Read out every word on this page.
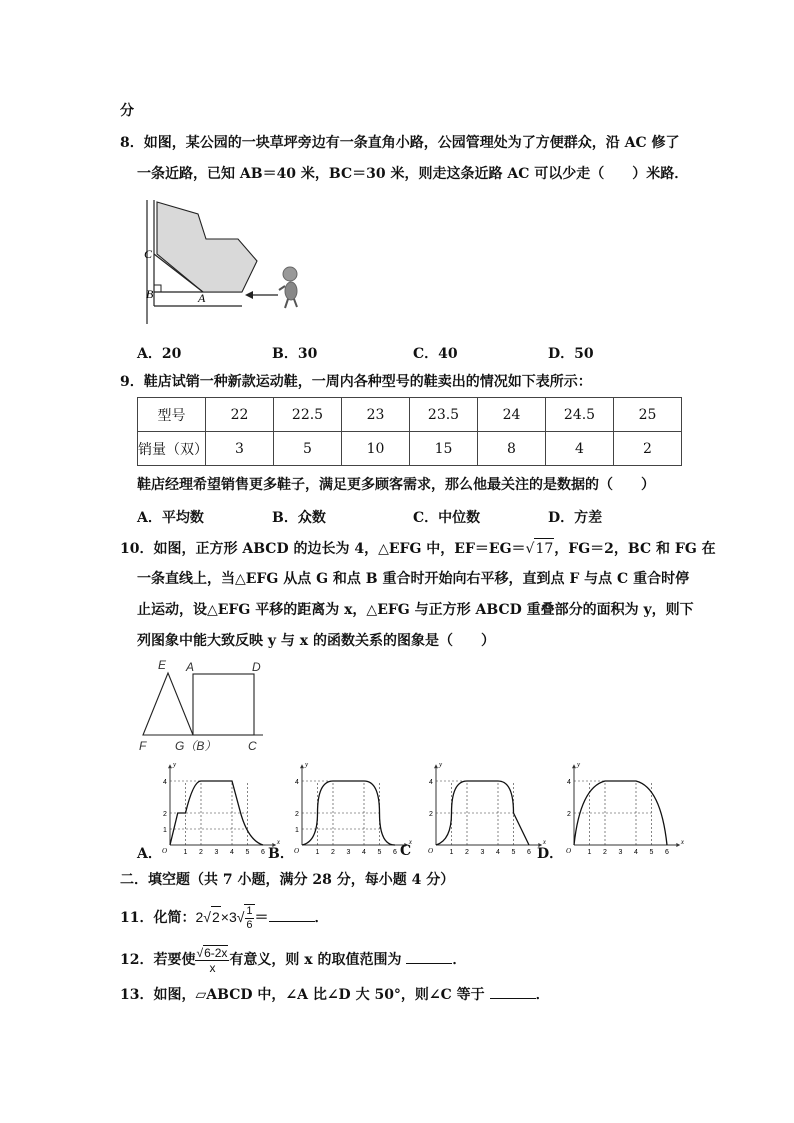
分
8．如图，某公园的一块草坪旁边有一条直角小路，公园管理处为了方便群众，沿 AC 修了
一条近路，已知 AB＝40 米，BC＝30 米，则走这条近路 AC 可以少走（　　）米路．
C
B	A
A．20	B．30	C．40	D．50
9．鞋店试销一种新款运动鞋，一周内各种型号的鞋卖出的情况如下表所示：
型号	22	22.5	23	23.5	24	24.5	25
销量（双）	3	5	10	15	8	4	2
鞋店经理希望销售更多鞋子，满足更多顾客需求，那么他最关注的是数据的（　　）
A．平均数	B．众数	C．中位数	D．方差
10．如图，正方形 ABCD 的边长为 4，△EFG 中，EF＝EG＝√17，FG＝2，BC 和 FG 在
一条直线上，当△EFG 从点 G 和点 B 重合时开始向右平移，直到点 F 与点 C 重合时停
止运动，设△EFG 平移的距离为 x，△EFG 与正方形 ABCD 重叠部分的面积为 y，则下
列图象中能大致反映 y 与 x 的函数关系的图象是（　　）
E A	D
F G（B）	C
y
x
O
1
2
4
1 2 3 4 5 6
y
x
O
1
2
4
1 2 3 4 5 6
y
x
O
2
4
1 2 3 4 5 6
y
x
O
2
4
1 2 3 4 5 6
A．	B．	C	D．
二．填空题（共 7 小题，满分 28 分，每小题 4 分）
11．化简：$2√2\times 3√ \frac{1}{6}$ ＝	．
12．若要使 $\frac{√6-2x}{x}$ 有意义，则 x 的取值范围为	．
13．如图，▱ABCD 中，∠A 比∠D 大 50°，则∠C 等于	．
